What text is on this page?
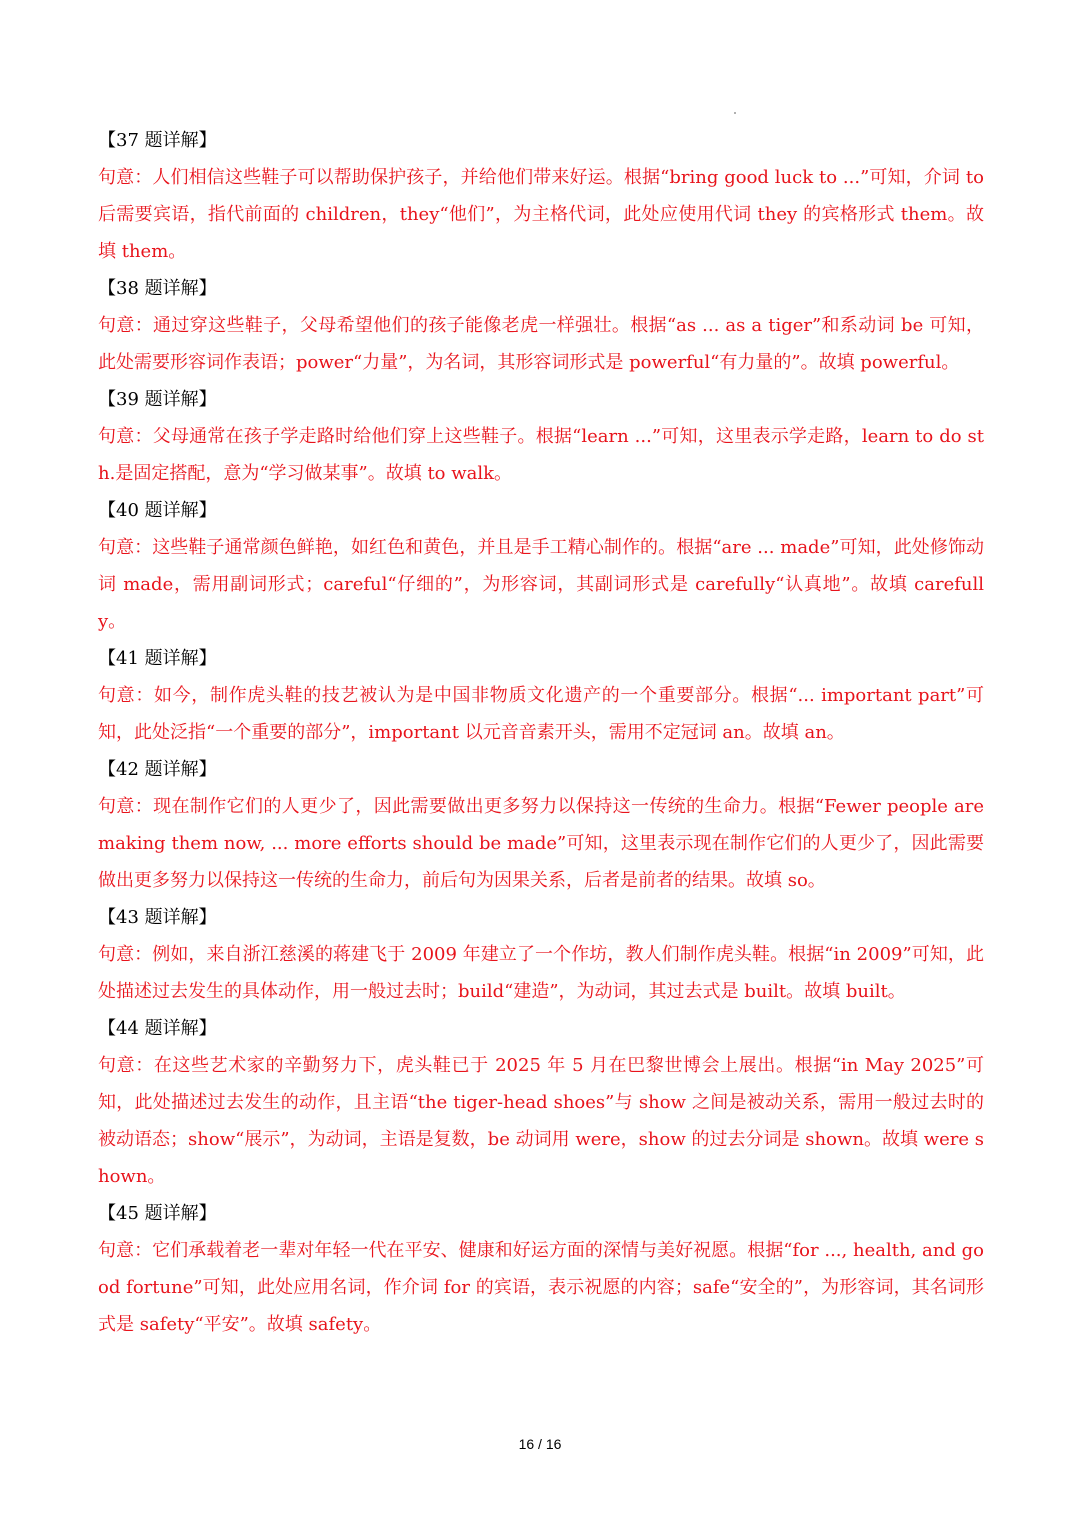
【37 题详解】
句意：人们相信这些鞋子可以帮助保护孩子，并给他们带来好运。根据“bring good luck to ...”可知，介词 to 后需要宾语，指代前面的 children，they“他们”，为主格代词，此处应使用代词 they 的宾格形式 them。故填 them。
【38 题详解】
句意：通过穿这些鞋子，父母希望他们的孩子能像老虎一样强壮。根据“as ... as a tiger”和系动词 be 可知，此处需要形容词作表语；power“力量”，为名词，其形容词形式是 powerful“有力量的”。故填 powerful。
【39 题详解】
句意：父母通常在孩子学走路时给他们穿上这些鞋子。根据“learn ...”可知，这里表示学走路，learn to do sth.是固定搭配，意为“学习做某事”。故填 to walk。
【40 题详解】
句意：这些鞋子通常颜色鲜艳，如红色和黄色，并且是手工精心制作的。根据“are ... made”可知，此处修饰动词 made，需用副词形式；careful“仔细的”，为形容词，其副词形式是 carefully“认真地”。故填 carefully。
【41 题详解】
句意：如今，制作虎头鞋的技艺被认为是中国非物质文化遗产的一个重要部分。根据“... important part”可知，此处泛指“一个重要的部分”，important 以元音音素开头，需用不定冠词 an。故填 an。
【42 题详解】
句意：现在制作它们的人更少了，因此需要做出更多努力以保持这一传统的生命力。根据“Fewer people are making them now, ... more efforts should be made”可知，这里表示现在制作它们的人更少了，因此需要做出更多努力以保持这一传统的生命力，前后句为因果关系，后者是前者的结果。故填 so。
【43 题详解】
句意：例如，来自浙江慈溪的蒋建飞于 2009 年建立了一个作坊，教人们制作虎头鞋。根据“in 2009”可知，此处描述过去发生的具体动作，用一般过去时；build“建造”，为动词，其过去式是 built。故填 built。
【44 题详解】
句意：在这些艺术家的辛勤努力下，虎头鞋已于 2025 年 5 月在巴黎世博会上展出。根据“in May 2025”可知，此处描述过去发生的动作，且主语“the tiger-head shoes”与 show 之间是被动关系，需用一般过去时的被动语态；show“展示”，为动词，主语是复数，be 动词用 were，show 的过去分词是 shown。故填 were shown。
【45 题详解】
句意：它们承载着老一辈对年轻一代在平安、健康和好运方面的深情与美好祝愿。根据“for ..., health, and good fortune”可知，此处应用名词，作介词 for 的宾语，表示祝愿的内容；safe“安全的”，为形容词，其名词形式是 safety“平安”。故填 safety。
16 / 16
